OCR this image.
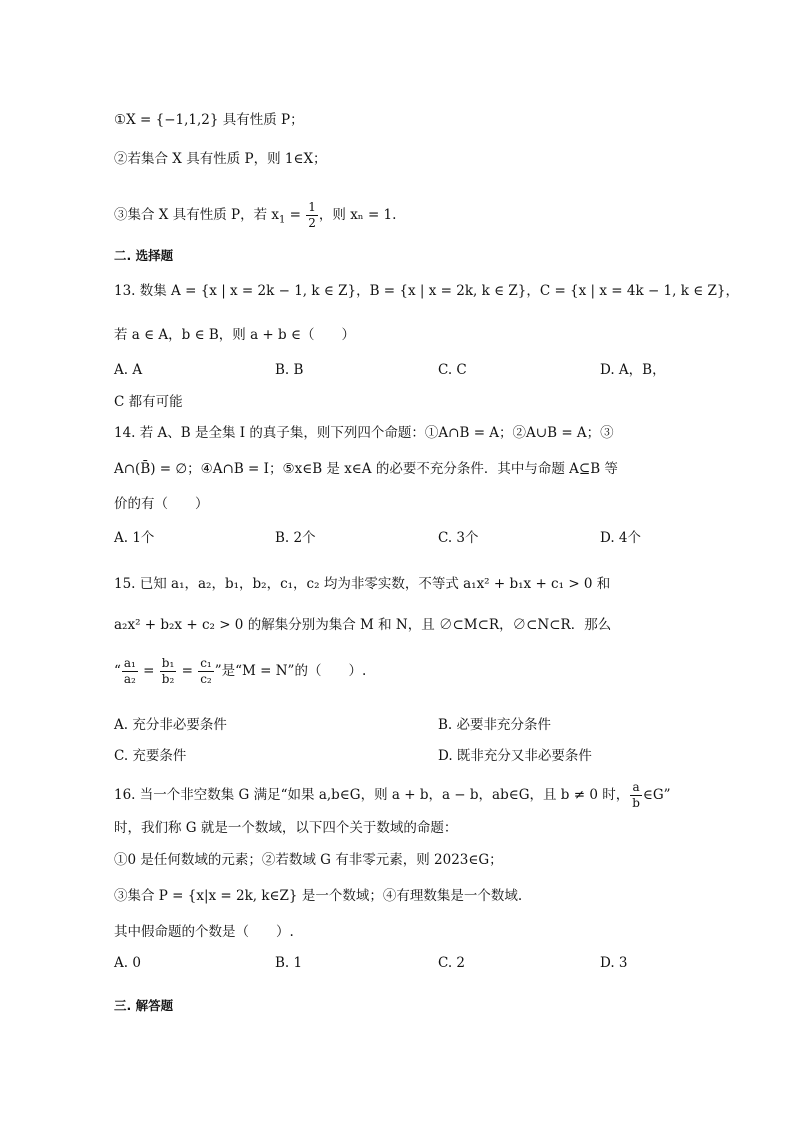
①X = {−1,1,2} 具有性质 P；
②若集合 X 具有性质 P，则 1∈X；
③集合 X 具有性质 P，若 $x_1 = \frac{1}{2}$ ，则 xₙ = 1.
二. 选择题
13. 数集 A = {x | x = 2k − 1, k ∈ Z}，B = {x | x = 2k, k ∈ Z}，C = {x | x = 4k − 1, k ∈ Z}，
若 a ∈ A，b ∈ B，则 a + b ∈（　　）
A. A	B. B	C. C	D. A，B，
C 都有可能
14. 若 A、B 是全集 I 的真子集，则下列四个命题：①A∩B = A；②A∪B = A；③
A∩(B̄) = ∅；④A∩B = I；⑤x∈B 是 x∈A 的必要不充分条件．其中与命题 A⊆B 等
价的有（　　）
A. 1个	B. 2个	C. 3个	D. 4个
15. 已知 a₁，a₂，b₁，b₂，c₁，c₂ 均为非零实数，不等式 a₁x² + b₁x + c₁ > 0 和
a₂x² + b₂x + c₂ > 0 的解集分别为集合 M 和 N，且 ∅⊂M⊂R，∅⊂N⊂R．那么
“ $\frac{\text{a₁}}{\text{a₂}} = \frac{\text{b₁}}{\text{b₂}} = \frac{\text{c₁}}{\text{c₂}}$ ”是“M = N”的（　　）.
A. 充分非必要条件	B. 必要非充分条件
C. 充要条件	D. 既非充分又非必要条件
16. 当一个非空数集 G 满足“如果 a,b∈G，则 a + b，a − b，ab∈G，且 b ≠ 0 时， $\frac{a}{b}$ ∈G”
时，我们称 G 就是一个数域，以下四个关于数域的命题：
①0 是任何数域的元素；②若数域 G 有非零元素，则 2023∈G；
③集合 P = {x|x = 2k, k∈Z} 是一个数域；④有理数集是一个数域.
其中假命题的个数是（　　）.
A. 0	B. 1	C. 2	D. 3
三. 解答题
